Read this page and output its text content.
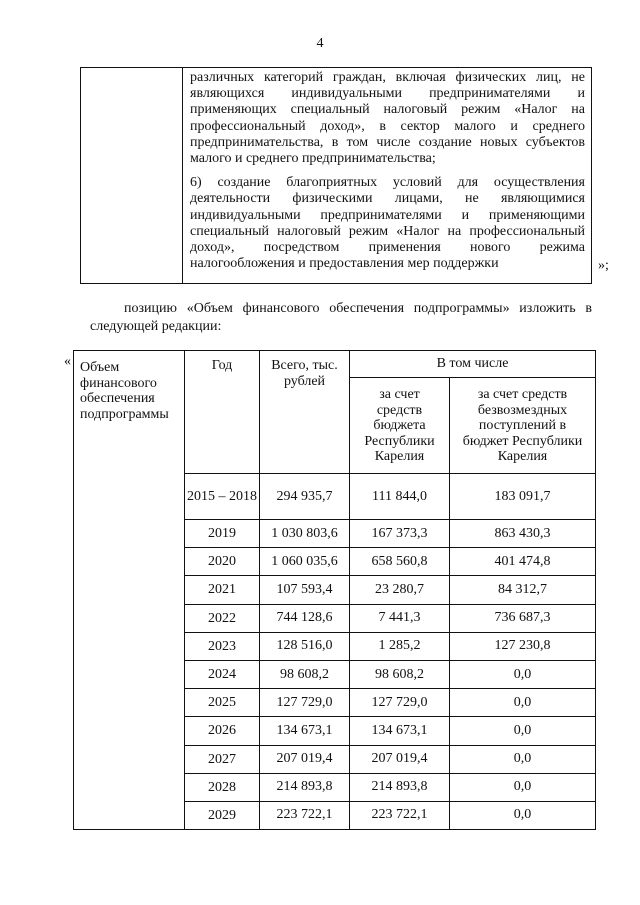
4

различных категорий граждан, включая физических лиц, не являющихся индивидуальными предпринимателями и применяющих специальный налоговый режим «Налог на профессиональный доход», в сектор малого и среднего предпринимательства, в том числе создание новых субъектов малого и среднего предпринимательства;
6) создание благоприятных условий для осуществления деятельности физическими лицами, не являющимися индивидуальными предпринимателями и применяющими специальный налоговый режим «Налог на профессиональный доход», посредством применения нового режима налогообложения и предоставления мер поддержки	»;
позицию «Объем финансового обеспечения подпрограммы» изложить в следующей редакции:
« Объем финансового обеспечения подпрограммы	Год	Всего, тыс. рублей	В том числе	
			за счет средств бюджета Республики Карелия	за счет средств безвозмездных поступлений в бюджет Республики Карелия
	2015 – 2018	294 935,7	111 844,0	183 091,7
	2019	1 030 803,6	167 373,3	863 430,3
	2020	1 060 035,6	658 560,8	401 474,8
	2021	107 593,4	23 280,7	84 312,7
	2022	744 128,6	7 441,3	736 687,3
	2023	128 516,0	1 285,2	127 230,8
	2024	98 608,2	98 608,2	0,0
	2025	127 729,0	127 729,0	0,0
	2026	134 673,1	134 673,1	0,0
	2027	207 019,4	207 019,4	0,0
	2028	214 893,8	214 893,8	0,0
	2029	223 722,1	223 722,1	0,0
